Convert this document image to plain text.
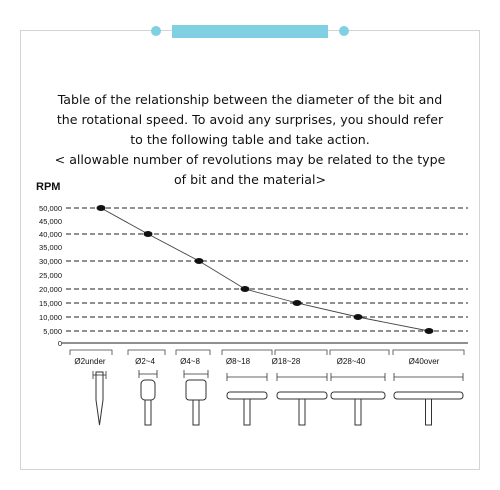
Table of the relationship between the diameter of the bit and
the rotational speed. To avoid any surprises, you should refer
to the following table and take action.
< allowable number of revolutions may be related to the type
of bit and the material>
RPM
50,000
45,000
40,000
35,000
30,000
25,000
20,000
15,000
10,000
5,000
0
Ø2under	Ø2~4	Ø4~8	Ø8~18	Ø18~28	Ø28~40	Ø40over
